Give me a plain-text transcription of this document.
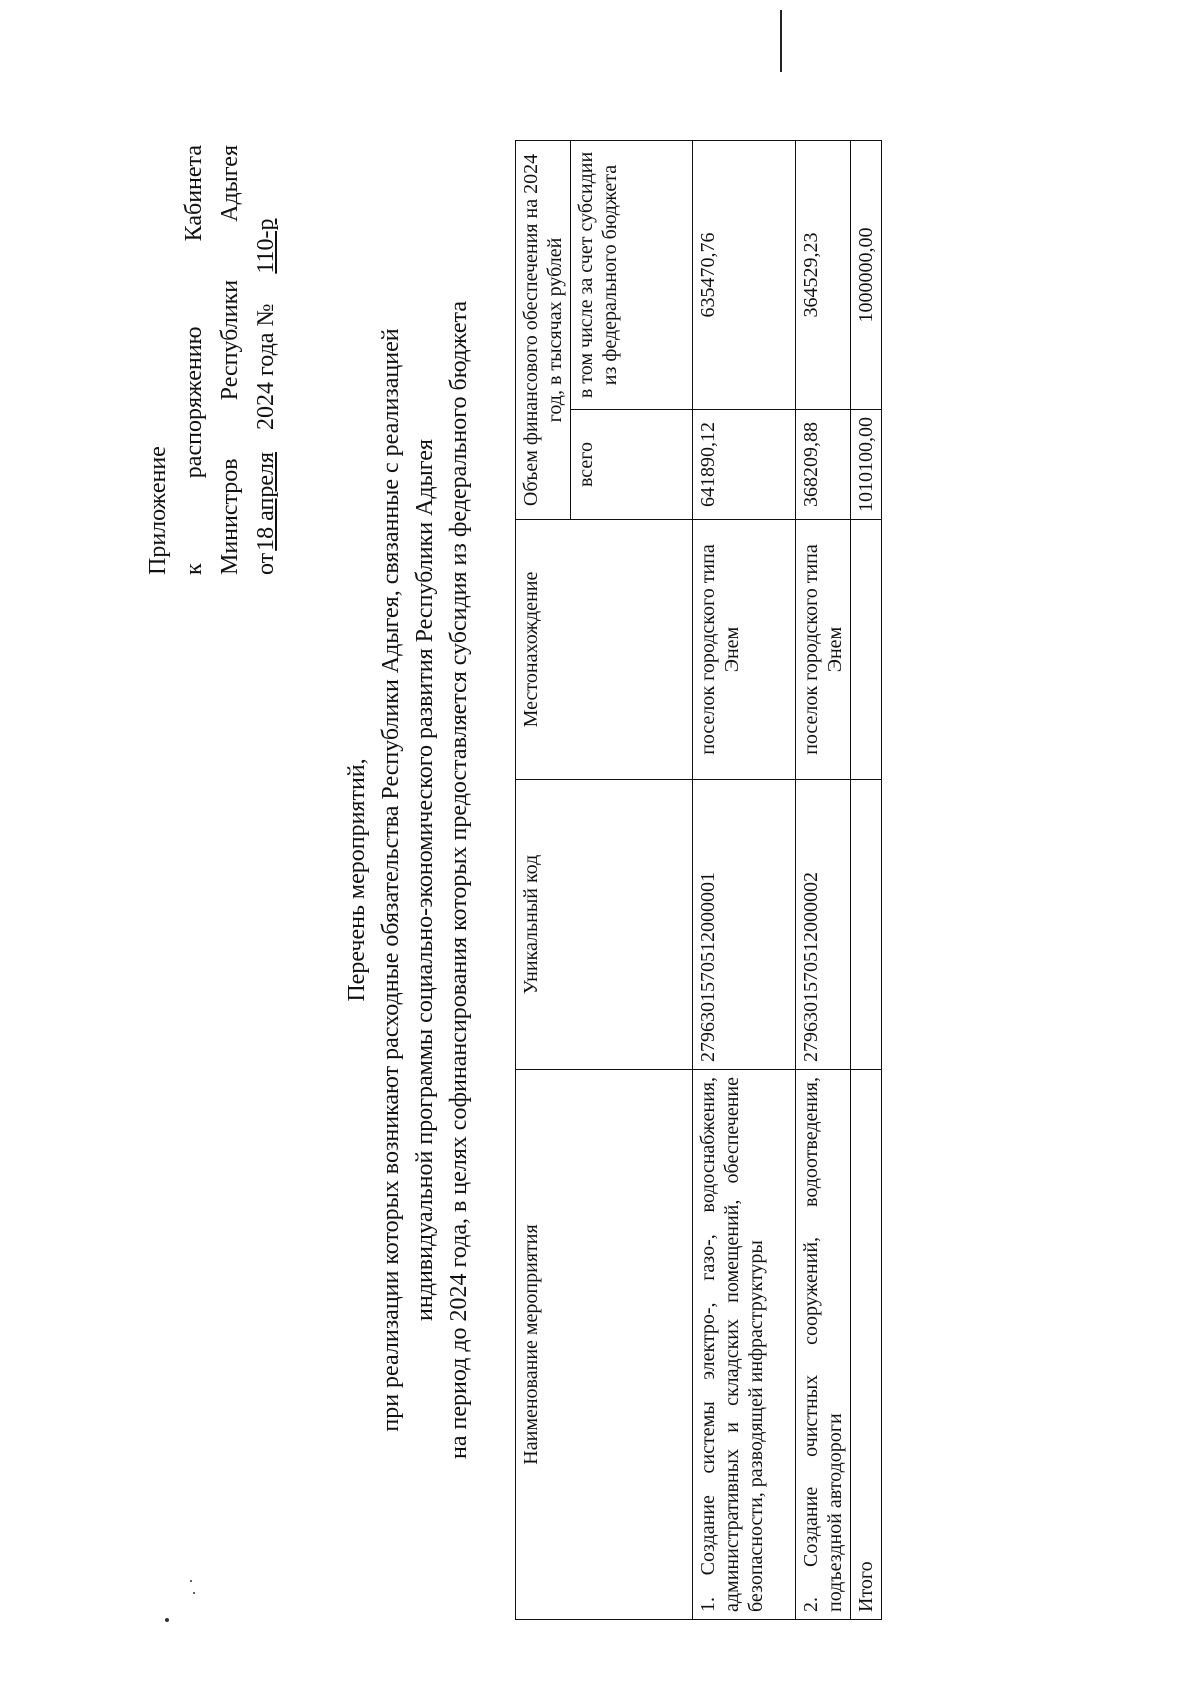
Приложение к
распоряжению
Кабинета
Министров
Республики
Адыгея
от
18 апреля
2024 года №
110-р
Перечень мероприятий, при реализации которых возникают расходные обязательства Республики Адыгея, связанные с реализацией индивидуальной программы социально-экономического развития Республики Адыгея на период до 2024 года, в целях софинансирования которых предоставляется субсидия из федерального бюджета Наименование мероприятия	Уникальный код	Местонахождение	Объем финансового обеспечения на 2024 год, в тысячах рублей	
			всего	в том числе за счет субсидии из федерального бюджета
1. Создание системы электро-, газо-, водоснабжения, административных и складских помещений, обеспечение безопасности, разводящей инфраструктуры	2796301570512000001	поселок городского типа Энем	641890,12	635470,76
2. Создание очистных сооружений, водоотведения, подъездной автодороги	2796301570512000002	поселок городского типа Энем	368209,88	364529,23
Итого			1010100,00	1000000,00
